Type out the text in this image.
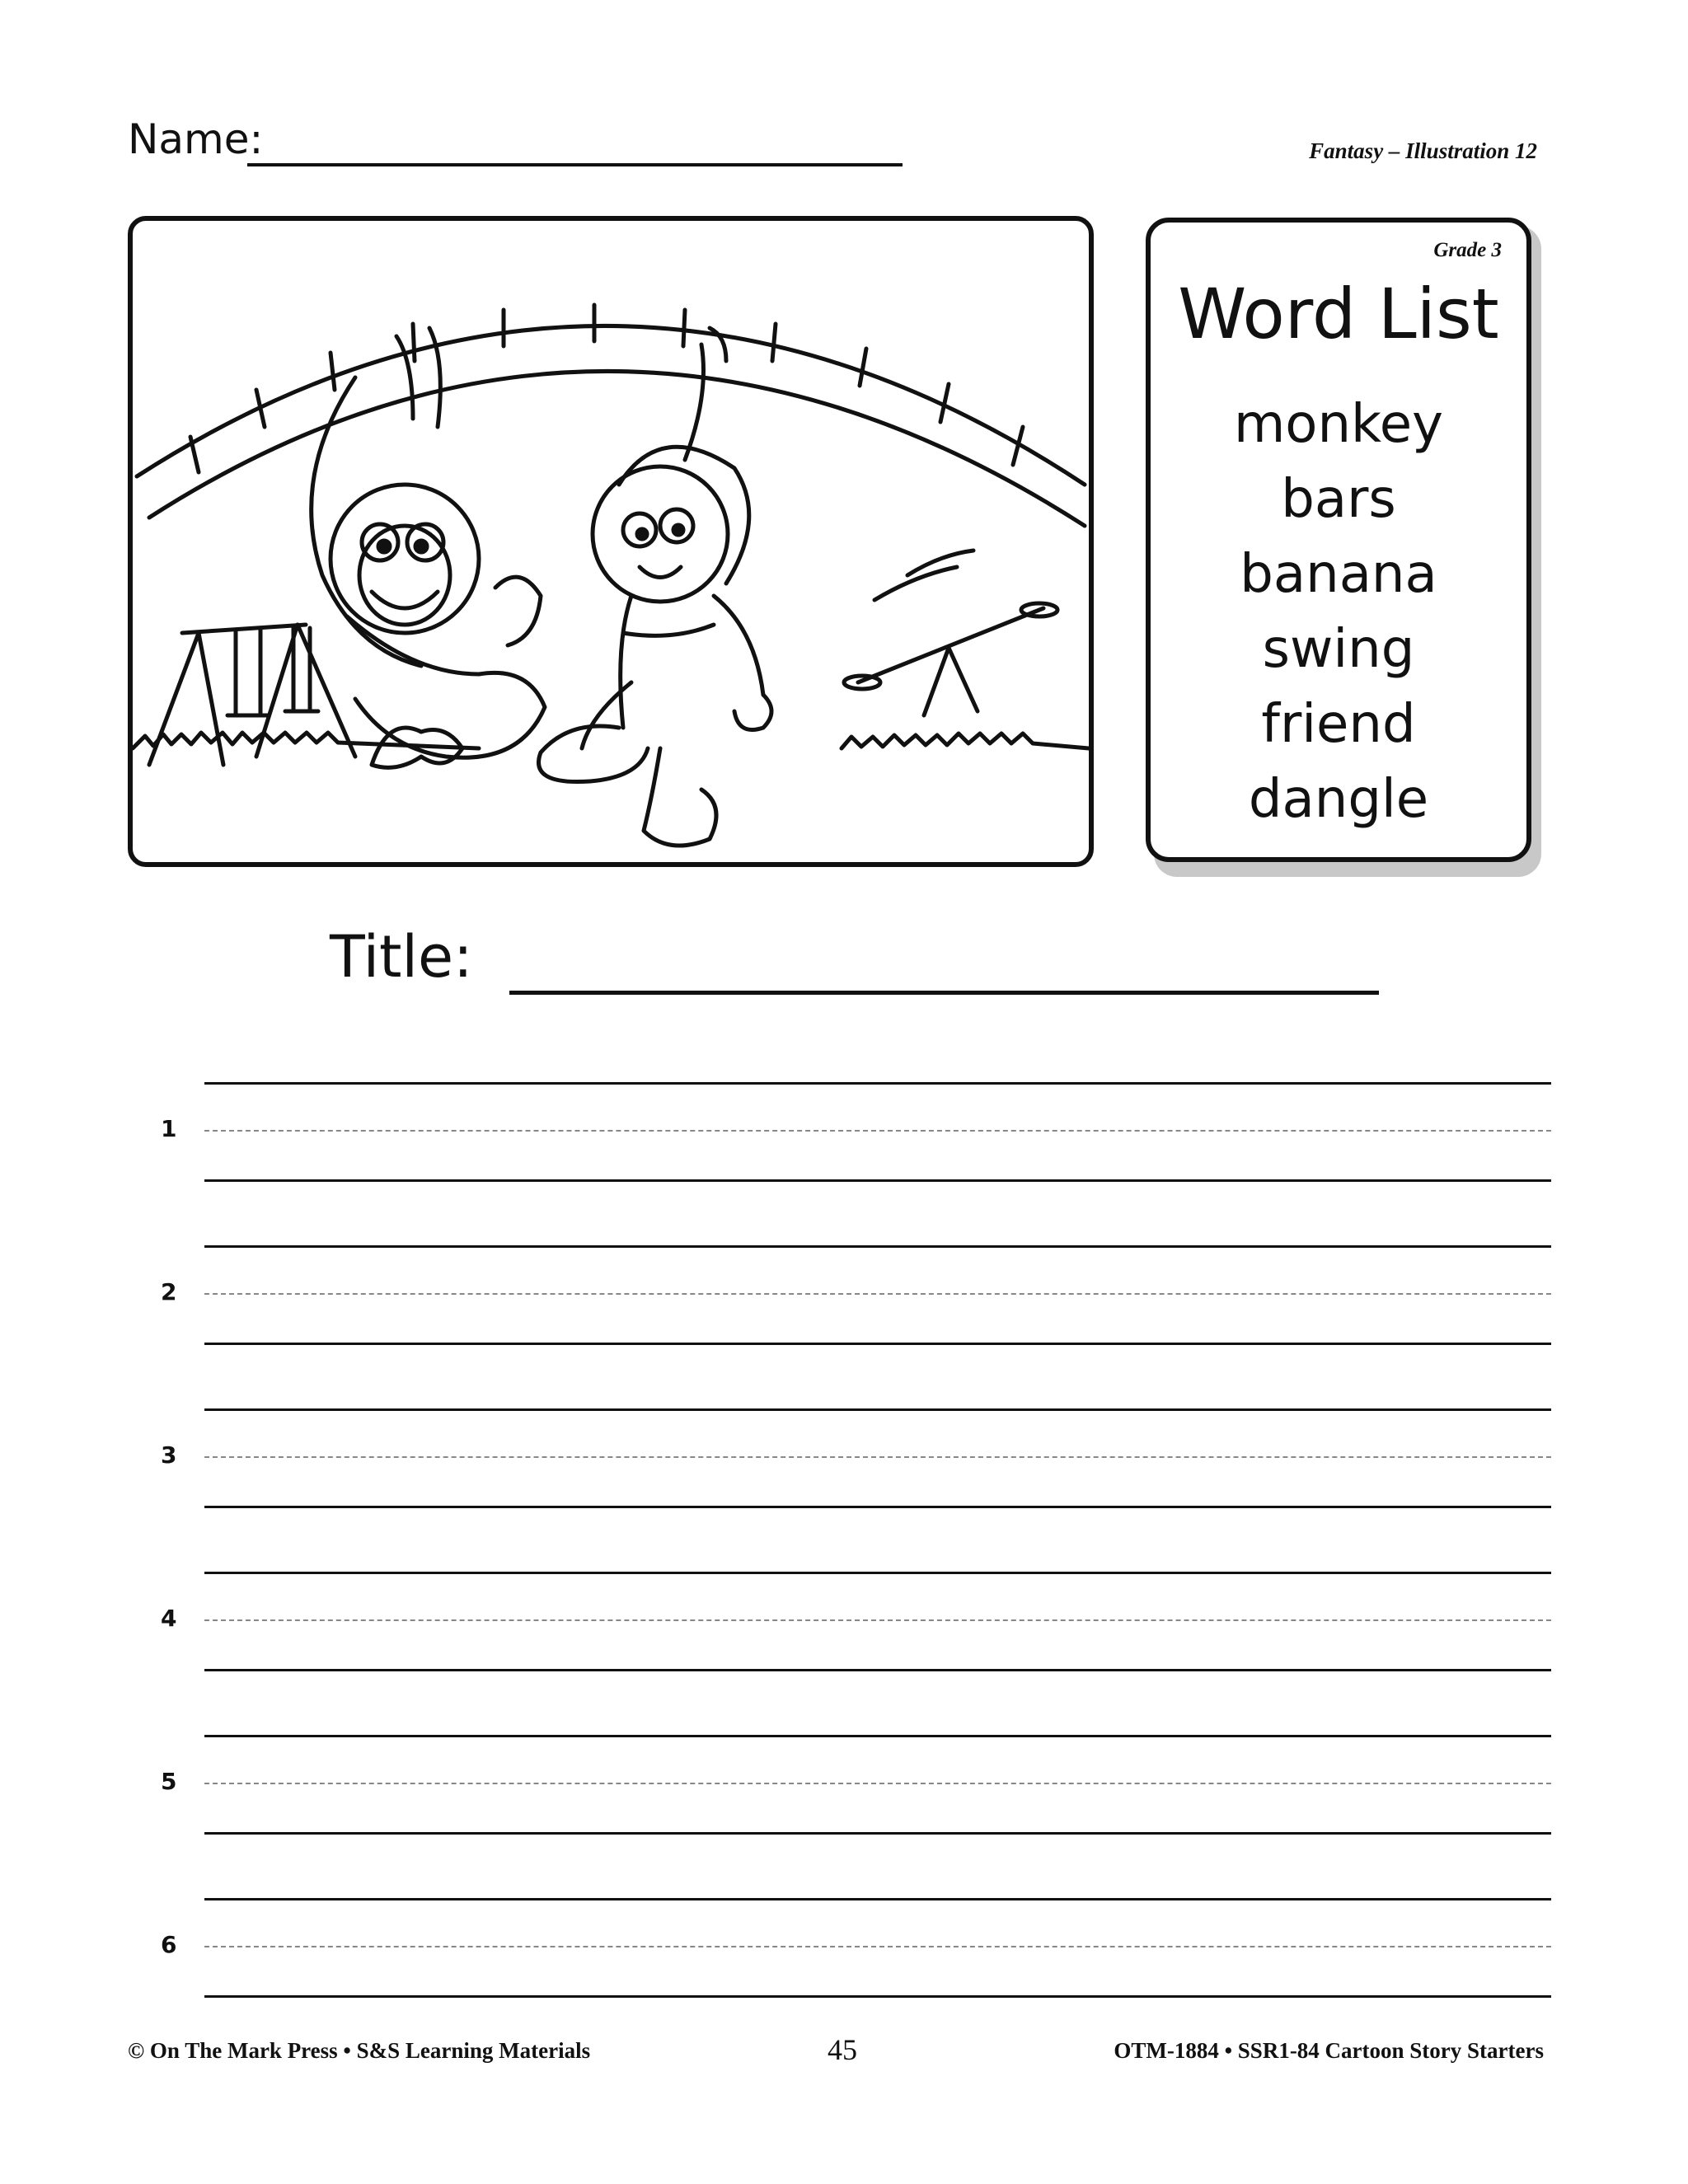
Name:	Fantasy – Illustration 12
Grade 3
Word List
monkey
bars
banana
swing
friend
dangle
Title:
1
2
3
4
5
6
© On The Mark Press • S&S Learning Materials	45	OTM-1884 • SSR1-84 Cartoon Story Starters
